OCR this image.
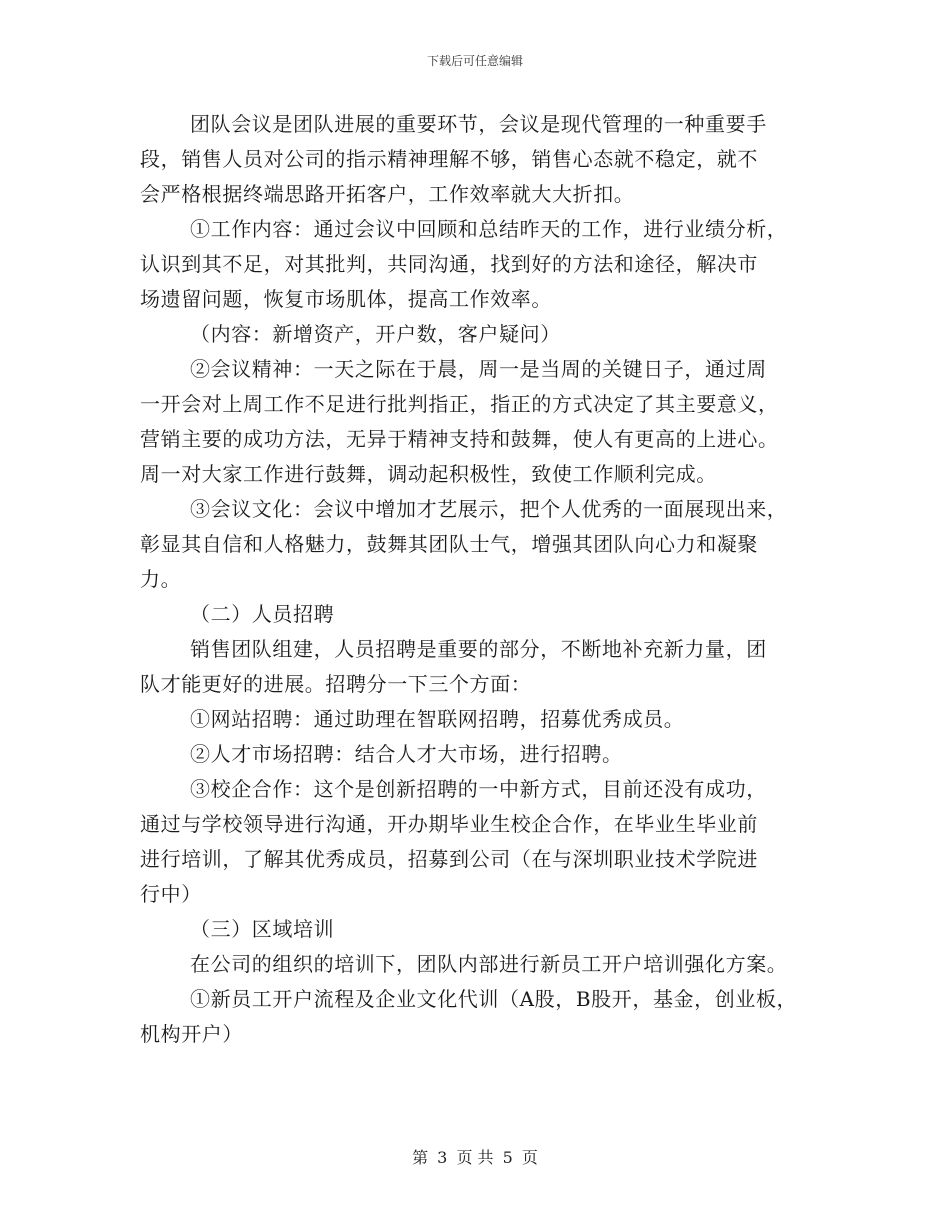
下载后可任意编辑
团队会议是团队进展的重要环节，会议是现代管理的一种重要手
段，销售人员对公司的指示精神理解不够，销售心态就不稳定，就不
会严格根据终端思路开拓客户，工作效率就大大折扣。
①工作内容：通过会议中回顾和总结昨天的工作，进行业绩分析，
认识到其不足，对其批判，共同沟通，找到好的方法和途径，解决市
场遗留问题，恢复市场肌体，提高工作效率。
（内容：新增资产，开户数，客户疑问）
②会议精神：一天之际在于晨，周一是当周的关键日子，通过周
一开会对上周工作不足进行批判指正，指正的方式决定了其主要意义，
营销主要的成功方法，无异于精神支持和鼓舞，使人有更高的上进心。
周一对大家工作进行鼓舞，调动起积极性，致使工作顺利完成。
③会议文化：会议中增加才艺展示，把个人优秀的一面展现出来，
彰显其自信和人格魅力，鼓舞其团队士气，增强其团队向心力和凝聚
力。
（二）人员招聘
销售团队组建，人员招聘是重要的部分，不断地补充新力量，团
队才能更好的进展。招聘分一下三个方面：
①网站招聘：通过助理在智联网招聘，招募优秀成员。
②人才市场招聘：结合人才大市场，进行招聘。
③校企合作：这个是创新招聘的一中新方式，目前还没有成功，
通过与学校领导进行沟通，开办期毕业生校企合作，在毕业生毕业前
进行培训，了解其优秀成员，招募到公司（在与深圳职业技术学院进
行中）
（三）区域培训
在公司的组织的培训下，团队内部进行新员工开户培训强化方案。
①新员工开户流程及企业文化代训（A股，B股开，基金，创业板，
机构开户）
第 3 页 共 5 页
